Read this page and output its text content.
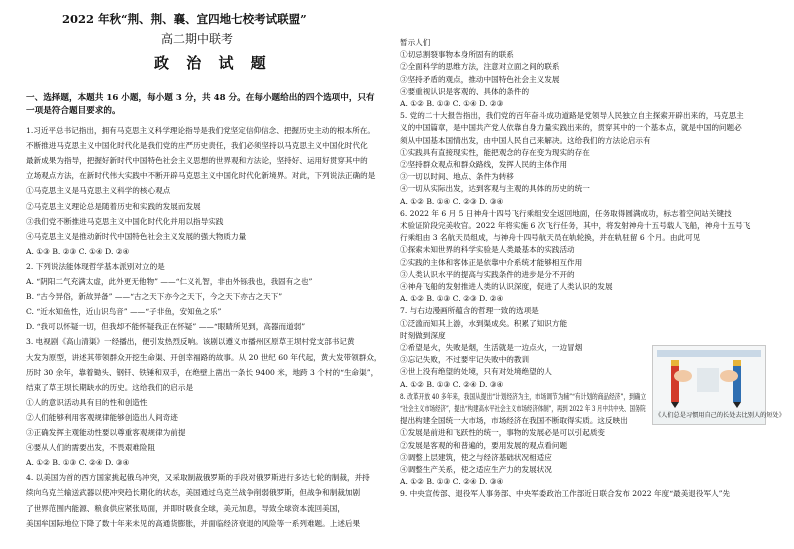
2022 年秋“荆、荆、襄、宜四地七校考试联盟”
高二期中联考
政 治 试 题
一、选择题，本题共 16 小题，每小题 3 分，共 48 分。在每小题给出的四个选项中，只有
一项是符合题目要求的。
1.习近平总书记指出，拥有马克思主义科学理论指导是我们党坚定信仰信念、把握历史主动的根本所在。
不断推进马克思主义中国化时代化是我们党的庄严历史责任，我们必须坚持以马克思主义中国化时代化
最新成果为指导，把握好新时代中国特色社会主义思想的世界观和方法论，坚持好、运用好贯穿其中的
立场观点方法，在新时代伟大实践中不断开辟马克思主义中国化时代化新境界。对此，下列说法正确的是
①马克思主义是马克思主义科学的核心观点
②马克思主义理论总是随着历史和实践的发展而发展
③我们党不断推进马克思主义中国化时代化并用以指导实践
④马克思主义是推动新时代中国特色社会主义发展的强大物质力量
A. ①③ B. ②③ C. ①④ D. ②④
2. 下列说法能体现哲学基本派别对立的是
A. “阴阳二气充满太虚，此外更无他物” ——“仁义礼智，非由外铄我也，我固有之也”
B. “古今异俗，新故异备” ——“古之天下亦今之天下，今之天下亦古之天下”
C. “近水知鱼性，近山识鸟音” ——“子非鱼，安知鱼之乐”
D. “我可以怀疑一切，但我却不能怀疑我正在怀疑” ——“眼睛所见到，高器而道弱”
3. 电视剧《高山清渠》一经播出，便引发热烈反响。该剧以遵义市播州区原草王坝村党支部书记黄
大发为原型，讲述其带领群众开挖生命渠、开创幸福路的故事。从 20 世纪 60 年代起，黄大发带领群众，
历时 30 余年，靠着锄头、钢钎、铁锤和双手，在绝壁上凿出一条长 9400 米，地跨 3 个村的“生命渠”，
结束了草王坝长期缺水的历史。这给我们的启示是
①人的意识活动具有目的性和创造性
②人们能够利用客观规律能够创造出人间奇迹
③正确发挥主观能动性要以尊重客观规律为前提
④要从人们的需要出发，不畏艰难险阻
A. ①② B. ①③ C. ②④ D. ③④
4. 以美国为首的西方国家挑起俄乌冲突，又采取制裁俄罗斯的手段对俄罗斯进行多达七轮的制裁，并持
续向乌克兰输送武器以使冲突趋长期化的状态，美国通过乌克兰战争削弱俄罗斯，但战争和制裁加剧
了世界范围内能源、粮食供应紧张局面，并即时吸食全球，美元加息，导致全球资本流回美国，
美国牟国际地位下降了数十年来未见的高通货膨胀，并面临经济衰退的风险等一系列难题。上述后果
暂示人们
①切忌割裂事物本身所固有的联系
②全面科学的思维方法，注意对立面之间的联系
③坚持矛盾的观点，推动中国特色社会主义发展
④要重视认识是客观的、具体的条件的
A. ①② B. ①③ C. ①④ D. ②③
5. 党的二十大报告指出，我们党的百年奋斗成功道路是党领导人民独立自主探索开辟出来的，马克思主
义的中国篇章，是中国共产党人依靠自身力量实践出来的，贯穿其中的一个基本点，就是中国的问题必
须从中国基本国情出发，由中国人民自己来解决。这给我们的方法论启示有
①实践具有直接现实性，能把观念的存在变为现实的存在
②坚持群众观点和群众路线，发挥人民的主体作用
③一切以时间、地点、条件为转移
④一切从实际出发，达到客观与主观的具体的历史的统一
A. ①② B. ①④ C. ②③ D. ③④
6. 2022 年 6 月 5 日神舟十四号飞行乘组安全返回地面，任务取得圆满成功，标志着空间站关键技
术验证阶段完美收官。2022 年将实施 6 次飞行任务，其中，将发射神舟十五号载人飞船，神舟十五号飞
行乘组由 3 名航天员组成，与神舟十四号航天员在轨轮换，并在轨驻留 6 个月。由此可见
①探索未知世界的科学实验是人类最基本的实践活动
②实践的主体和客体正是依靠中介系统才能够相互作用
③人类认识水平的提高与实践条件的进步是分不开的
④神舟飞船的发射推进人类的认识深度，促进了人类认识的发展
A. ①② B. ①③ C. ②③ D. ②④
7. 与右边漫画所蕴含的哲理一致的选项是
①泛滥而知其上游，水到渠成矣。积累了知识方能
时刻做到深度
②希望是火，失败是烟，生活就是一边点火，一边冒烟
③忘记失败，不过要牢记失败中的教训
④世上没有绝望的处境，只有对处境绝望的人
A. ①② B. ①③ C. ②④ D. ③④
8. 改革开放 40 多年来，我国从提出“计划经济为主，市场调节为辅”“有计划的商品经济”，到确立
“社会主义市场经济”，提出“构建高水平社会主义市场经济体制”，再到 2022 年 3 月中共中央、国务院
提出构建全国统一大市场，市场经济在我国不断取得实质。这反映出
①发展是前进和飞跃性的统一，事物的发展必是可以引起质变
②发展是客观的和普遍的，要用发展的观点看问题
③调整上层建筑，使之与经济基础状况相适应
④调整生产关系，使之适应生产力的发展状况
A. ①② B. ①③ C. ②④ D. ③④
9. 中央宣传部、退役军人事务部、中央军委政治工作部近日联合发布 2022 年度“最美退役军人”先
《人们总是习惯用自己的长处去比别人的短处》
